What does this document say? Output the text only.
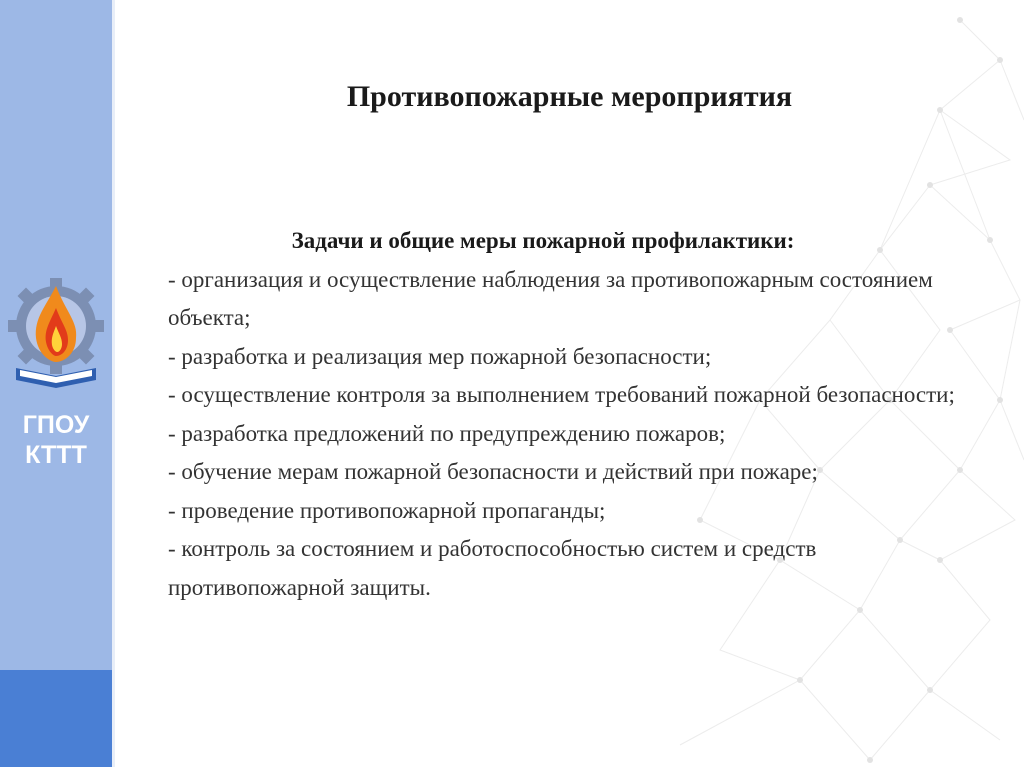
ГПОУ
КТТТ
Противопожарные мероприятия
Задачи и общие меры пожарной профилактики:
- организация и осуществление наблюдения за противопожарным состоянием объекта;
- разработка и реализация мер пожарной безопасности;
- осуществление контроля за выполнением требований пожарной безопасности;
- разработка предложений по предупреждению пожаров;
- обучение мерам пожарной безопасности и действий при пожаре;
- проведение противопожарной пропаганды;
- контроль за состоянием и работоспособностью систем и средств противопожарной защиты.
